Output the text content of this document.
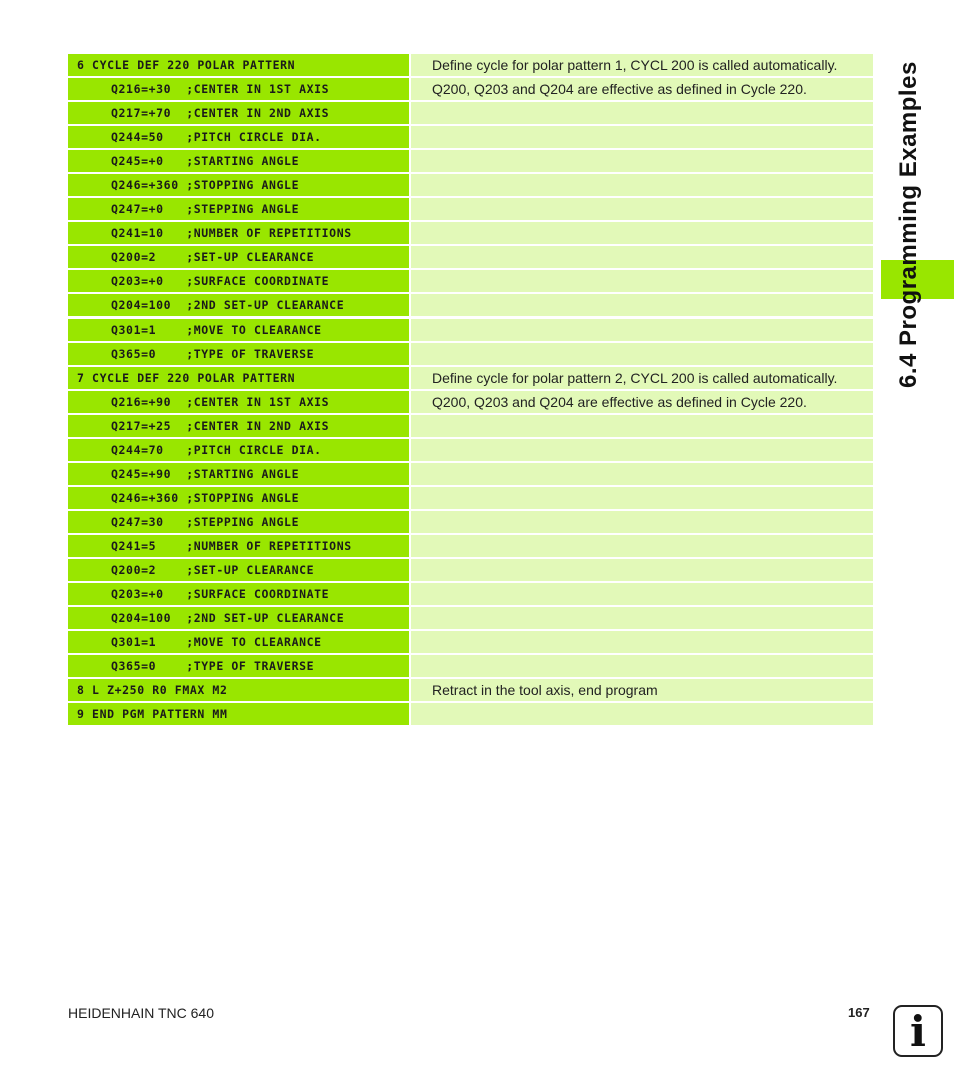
6 CYCLE DEF 220 POLAR PATTERN	Define cycle for polar pattern 1, CYCL 200 is called automatically.
Q216=+30  ;CENTER IN 1ST AXIS	Q200, Q203 and Q204 are effective as defined in Cycle 220.
Q217=+70  ;CENTER IN 2ND AXIS
Q244=50   ;PITCH CIRCLE DIA.
Q245=+0   ;STARTING ANGLE
Q246=+360 ;STOPPING ANGLE
Q247=+0   ;STEPPING ANGLE
Q241=10   ;NUMBER OF REPETITIONS
Q200=2    ;SET-UP CLEARANCE
Q203=+0   ;SURFACE COORDINATE
Q204=100  ;2ND SET-UP CLEARANCE
Q301=1    ;MOVE TO CLEARANCE
Q365=0    ;TYPE OF TRAVERSE
7 CYCLE DEF 220 POLAR PATTERN	Define cycle for polar pattern 2, CYCL 200 is called automatically.
Q216=+90  ;CENTER IN 1ST AXIS	Q200, Q203 and Q204 are effective as defined in Cycle 220.
Q217=+25  ;CENTER IN 2ND AXIS
Q244=70   ;PITCH CIRCLE DIA.
Q245=+90  ;STARTING ANGLE
Q246=+360 ;STOPPING ANGLE
Q247=30   ;STEPPING ANGLE
Q241=5    ;NUMBER OF REPETITIONS
Q200=2    ;SET-UP CLEARANCE
Q203=+0   ;SURFACE COORDINATE
Q204=100  ;2ND SET-UP CLEARANCE
Q301=1    ;MOVE TO CLEARANCE
Q365=0    ;TYPE OF TRAVERSE
8 L Z+250 R0 FMAX M2	Retract in the tool axis, end program
9 END PGM PATTERN MM
6.4 Programming Examples
HEIDENHAIN TNC 640	167 i
